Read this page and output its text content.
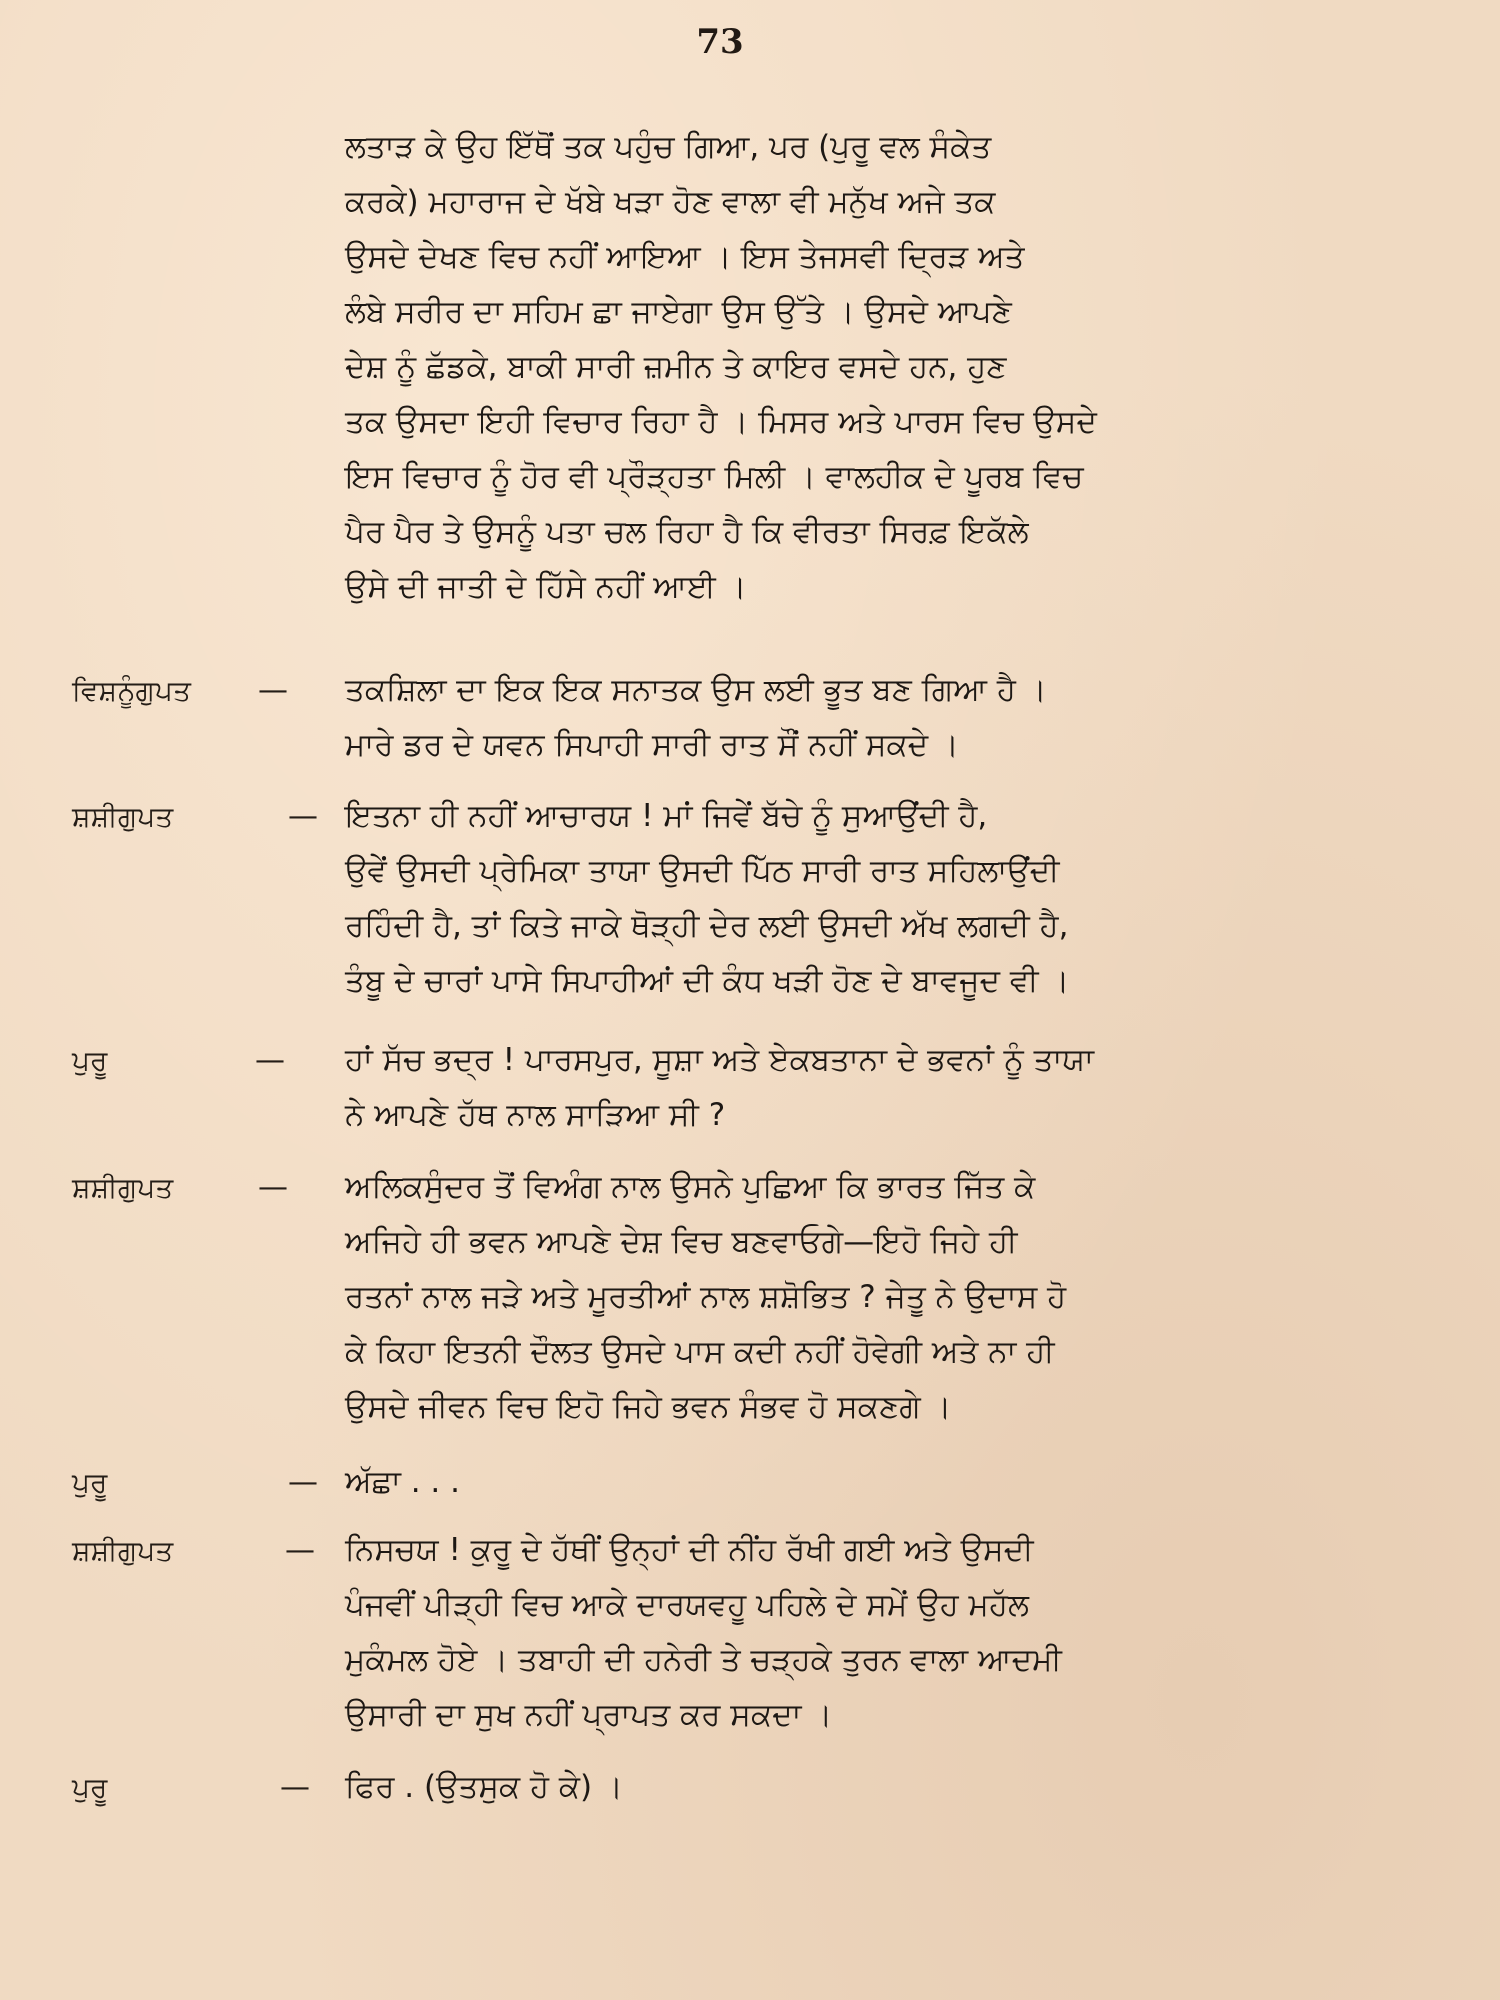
73
ਲਤਾੜ ਕੇ ਉਹ ਇੱਥੋਂ ਤਕ ਪਹੁੰਚ ਗਿਆ, ਪਰ (ਪੁਰੂ ਵਲ ਸੰਕੇਤ
ਕਰਕੇ) ਮਹਾਰਾਜ ਦੇ ਖੱਬੇ ਖੜਾ ਹੋਣ ਵਾਲਾ ਵੀ ਮਨੁੱਖ ਅਜੇ ਤਕ
ਉਸਦੇ ਦੇਖਣ ਵਿਚ ਨਹੀਂ ਆਇਆ । ਇਸ ਤੇਜਸਵੀ ਦ੍ਰਿੜ ਅਤੇ
ਲੰਬੇ ਸਰੀਰ ਦਾ ਸਹਿਮ ਛਾ ਜਾਏਗਾ ਉਸ ਉੱਤੇ । ਉਸਦੇ ਆਪਣੇ
ਦੇਸ਼ ਨੂੰ ਛੱਡਕੇ, ਬਾਕੀ ਸਾਰੀ ਜ਼ਮੀਨ ਤੇ ਕਾਇਰ ਵਸਦੇ ਹਨ, ਹੁਣ
ਤਕ ਉਸਦਾ ਇਹੀ ਵਿਚਾਰ ਰਿਹਾ ਹੈ । ਮਿਸਰ ਅਤੇ ਪਾਰਸ ਵਿਚ ਉਸਦੇ
ਇਸ ਵਿਚਾਰ ਨੂੰ ਹੋਰ ਵੀ ਪ੍ਰੌੜ੍ਹਤਾ ਮਿਲੀ । ਵਾਲਹੀਕ ਦੇ ਪੂਰਬ ਵਿਚ
ਪੈਰ ਪੈਰ ਤੇ ਉਸਨੂੰ ਪਤਾ ਚਲ ਰਿਹਾ ਹੈ ਕਿ ਵੀਰਤਾ ਸਿਰਫ਼ ਇਕੱਲੇ
ਉਸੇ ਦੀ ਜਾਤੀ ਦੇ ਹਿੱਸੇ ਨਹੀਂ ਆਈ ।
ਵਿਸ਼ਨੂੰਗੁਪਤ — ਤਕਸ਼ਿਲਾ ਦਾ ਇਕ ਇਕ ਸਨਾਤਕ ਉਸ ਲਈ ਭੂਤ ਬਣ ਗਿਆ ਹੈ ।
ਮਾਰੇ ਡਰ ਦੇ ਯਵਨ ਸਿਪਾਹੀ ਸਾਰੀ ਰਾਤ ਸੌਂ ਨਹੀਂ ਸਕਦੇ ।
ਸ਼ਸ਼ੀਗੁਪਤ	— ਇਤਨਾ ਹੀ ਨਹੀਂ ਆਚਾਰਯ ! ਮਾਂ ਜਿਵੇਂ ਬੱਚੇ ਨੂੰ ਸੁਆਉਂਦੀ ਹੈ,
ਉਵੇਂ ਉਸਦੀ ਪ੍ਰੇਮਿਕਾ ਤਾਯਾ ਉਸਦੀ ਪਿੱਠ ਸਾਰੀ ਰਾਤ ਸਹਿਲਾਉਂਦੀ
ਰਹਿੰਦੀ ਹੈ, ਤਾਂ ਕਿਤੇ ਜਾਕੇ ਥੋੜ੍ਹੀ ਦੇਰ ਲਈ ਉਸਦੀ ਅੱਖ ਲਗਦੀ ਹੈ,
ਤੰਬੂ ਦੇ ਚਾਰਾਂ ਪਾਸੇ ਸਿਪਾਹੀਆਂ ਦੀ ਕੰਧ ਖੜੀ ਹੋਣ ਦੇ ਬਾਵਜੂਦ ਵੀ ।
ਪੁਰੂ	— ਹਾਂ ਸੱਚ ਭਦ੍ਰ ! ਪਾਰਸਪੁਰ, ਸੂਸ਼ਾ ਅਤੇ ਏਕਬਤਾਨਾ ਦੇ ਭਵਨਾਂ ਨੂੰ ਤਾਯਾ
ਨੇ ਆਪਣੇ ਹੱਥ ਨਾਲ ਸਾੜਿਆ ਸੀ ?
ਸ਼ਸ਼ੀਗੁਪਤ	— ਅਲਿਕਸੁੰਦਰ ਤੋਂ ਵਿਅੰਗ ਨਾਲ ਉਸਨੇ ਪੁਛਿਆ ਕਿ ਭਾਰਤ ਜਿੱਤ ਕੇ
ਅਜਿਹੇ ਹੀ ਭਵਨ ਆਪਣੇ ਦੇਸ਼ ਵਿਚ ਬਣਵਾਓਗੇ—ਇਹੋ ਜਿਹੇ ਹੀ
ਰਤਨਾਂ ਨਾਲ ਜੜੇ ਅਤੇ ਮੂਰਤੀਆਂ ਨਾਲ ਸ਼ਸ਼ੋਭਿਤ ? ਜੇਤੂ ਨੇ ਉਦਾਸ ਹੋ
ਕੇ ਕਿਹਾ ਇਤਨੀ ਦੌਲਤ ਉਸਦੇ ਪਾਸ ਕਦੀ ਨਹੀਂ ਹੋਵੇਗੀ ਅਤੇ ਨਾ ਹੀ
ਉਸਦੇ ਜੀਵਨ ਵਿਚ ਇਹੋ ਜਿਹੇ ਭਵਨ ਸੰਭਵ ਹੋ ਸਕਣਗੇ ।
ਪੁਰੂ	— ਅੱਛਾ . . .
ਸ਼ਸ਼ੀਗੁਪਤ	— ਨਿਸਚਯ ! ਕੁਰੂ ਦੇ ਹੱਥੀਂ ਉਨ੍ਹਾਂ ਦੀ ਨੀਂਹ ਰੱਖੀ ਗਈ ਅਤੇ ਉਸਦੀ
ਪੰਜਵੀਂ ਪੀੜ੍ਹੀ ਵਿਚ ਆਕੇ ਦਾਰਯਵਹੂ ਪਹਿਲੇ ਦੇ ਸਮੇਂ ਉਹ ਮਹੱਲ
ਮੁਕੰਮਲ ਹੋਏ । ਤਬਾਹੀ ਦੀ ਹਨੇਰੀ ਤੇ ਚੜ੍ਹਕੇ ਤੁਰਨ ਵਾਲਾ ਆਦਮੀ
ਉਸਾਰੀ ਦਾ ਸੁਖ ਨਹੀਂ ਪ੍ਰਾਪਤ ਕਰ ਸਕਦਾ ।
ਪੁਰੂ	— ਫਿਰ . (ਉਤਸੁਕ ਹੋ ਕੇ) ।
